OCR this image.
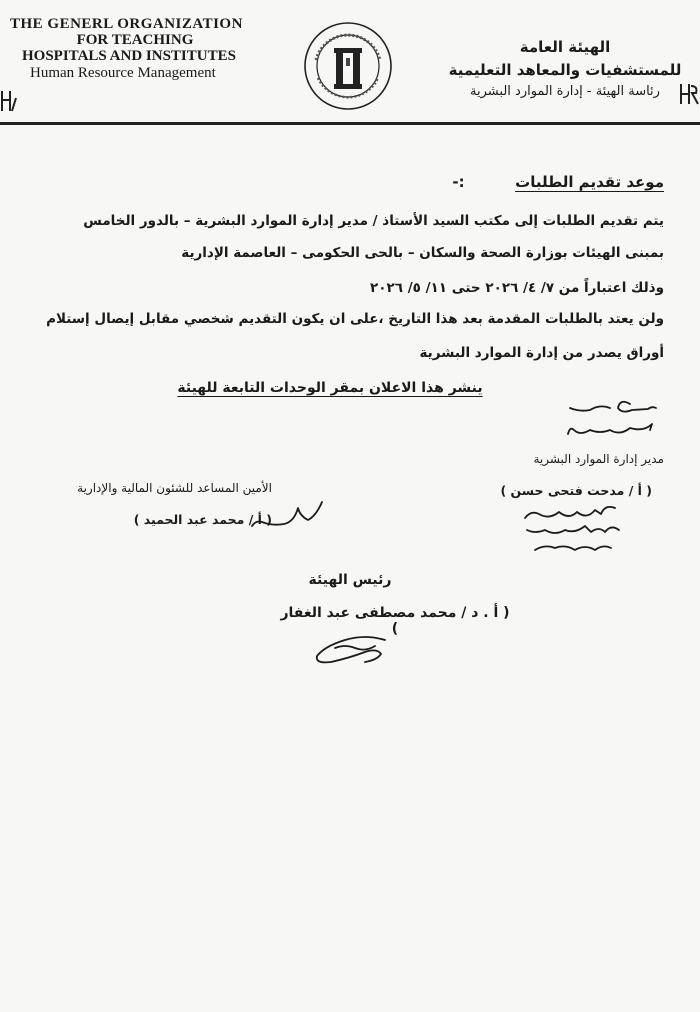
THE GENERL ORGANIZATION
FOR TEACHING
HOSPITALS AND INSTITUTES
Human Resource Management
الهيئة العامة
للمستشفيات والمعاهد التعليمية
رئاسة الهيئة - إدارة الموارد البشرية
موعد تقديم الطلبات  :-
يتم تقديم الطلبات إلى مكتب السيد الأستاذ / مدير إدارة الموارد البشرية – بالدور الخامس
بمبنى الهيئات بوزارة الصحة والسكان – بالحى الحكومى – العاصمة الإدارية
وذلك اعتباراً من ٧/ ٤/ ٢٠٢٦ حتى ١١/ ٥/ ٢٠٢٦
ولن يعتد بالطلبات المقدمة بعد هذا التاريخ ،على ان يكون التقديم شخصي مقابل إيصال إستلام
أوراق يصدر من إدارة الموارد البشرية
ينشر هذا الاعلان بمقر الوحدات التابعة للهيئة
مدير إدارة الموارد البشرية
( أ / مدحت فتحى حسن )
الأمين المساعد للشئون المالية والإدارية
( أ / محمد عبد الحميد )
رئيس الهيئة
( أ . د / محمد مصطفى عبد الغفار )
